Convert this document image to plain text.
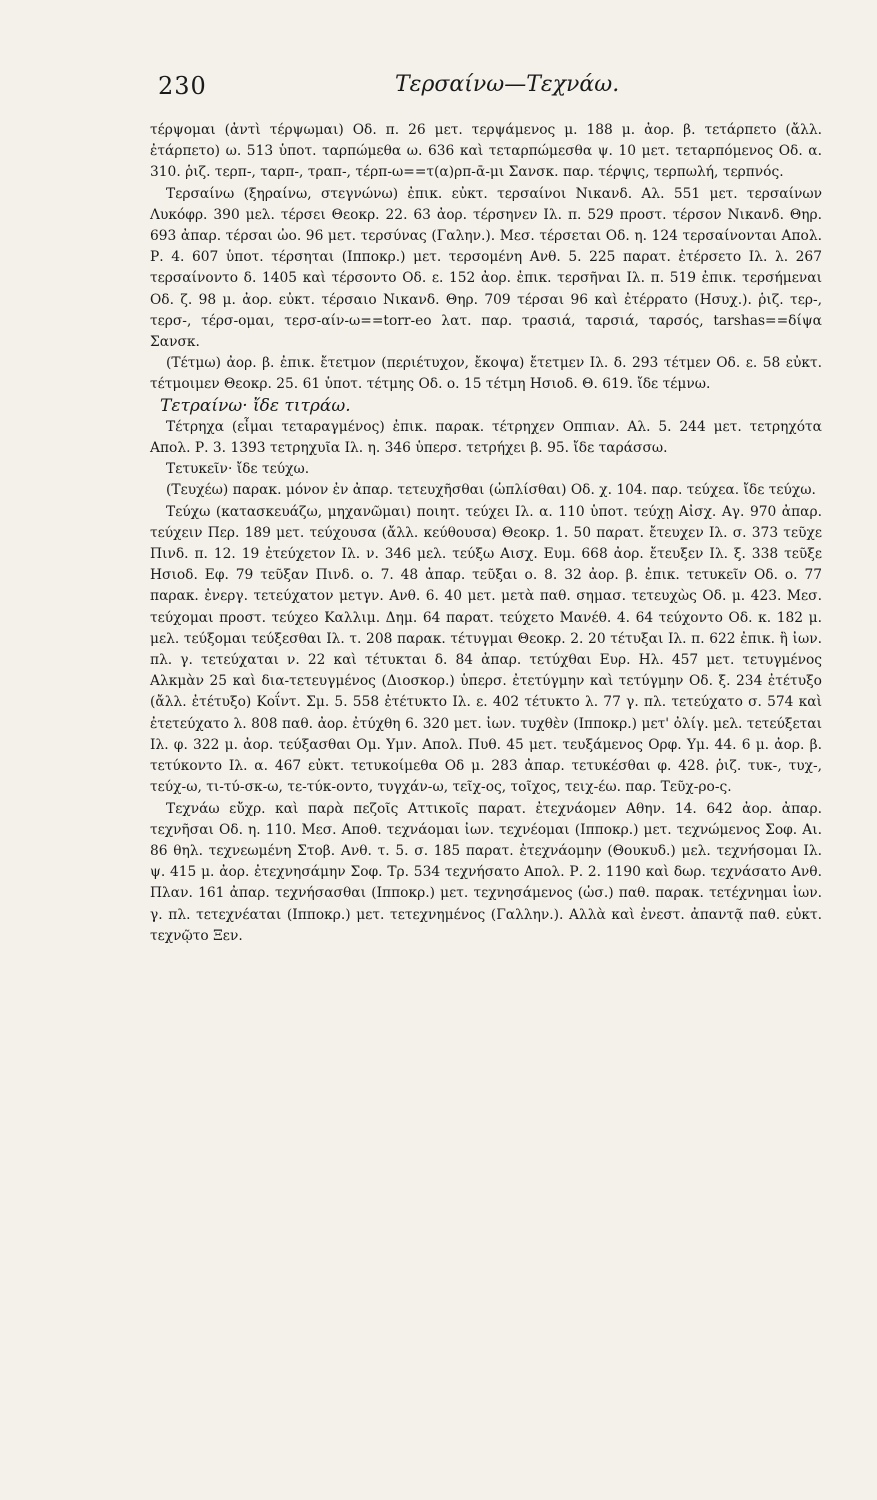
230	Τερσαίνω—Τεχνάω.

τέρψομαι (ἀντὶ τέρψωμαι) Οδ. π. 26 μετ. τερψάμενος μ. 188 μ. ἀορ. β. τετάρπετο (ἄλλ. ἐτάρπετο) ω. 513 ὑποτ. ταρπώμεθα ω. 636 καὶ τεταρπώμεσθα ψ. 10 μετ. τεταρπόμενος Οδ. α. 310. ῥιζ. τερπ-, ταρπ-, τραπ-, τέρπ-ω==τ(α)ρπ-ᾱ-μι Σανσκ. παρ. τέρψις, τερπωλή, τερπνός.

Τερσαίνω (ξηραίνω, στεγνώνω) ἐπικ. εὐκτ. τερσαίνοι Νικανδ. Αλ. 551 μετ. τερσαίνων Λυκόφρ. 390 μελ. τέρσει Θεοκρ. 22. 63 ἀορ. τέρσηνεν Ιλ. π. 529 προστ. τέρσον Νικανδ. Θηρ. 693 ἀπαρ. τέρσαι ὠο. 96 μετ. τερσύνας (Γαλην.). Μεσ. τέρσεται Οδ. η. 124 τερσαίνονται Απολ. Ρ. 4. 607 ὑποτ. τέρσηται (Ιπποκρ.) μετ. τερσομένη Ανθ. 5. 225 παρατ. ἐτέρσετο Ιλ. λ. 267 τερσαίνοντο δ. 1405 καὶ τέρσοντο Οδ. ε. 152 ἀορ. ἐπικ. τερσῆναι Ιλ. π. 519 ἐπικ. τερσήμεναι Οδ. ζ. 98 μ. ἀορ. εὐκτ. τέρσαιο Νικανδ. Θηρ. 709 τέρσαι 96 καὶ ἐτέρρατο (Ησυχ.). ῥιζ. τερ-, τερσ-, τέρσ-ομαι, τερσ-αίν-ω==torr-eo λατ. παρ. τρασιά, ταρσιά, ταρσός, tarshas==δίψα Σανσκ.

(Τέτμω) ἀορ. β. ἐπικ. ἔτετμον (περιέτυχον, ἔκοψα) ἔτετμεν Ιλ. δ. 293 τέτμεν Οδ. ε. 58 εὐκτ. τέτμοιμεν Θεοκρ. 25. 61 ὑποτ. τέτμης Οδ. ο. 15 τέτμη Ησιοδ. Θ. 619. ἴδε τέμνω.

Τετραίνω· ἴδε τιτράω.

Τέτρηχα (εἶμαι τεταραγμένος) ἐπικ. παρακ. τέτρηχεν Οππιαν. Αλ. 5. 244 μετ. τετρηχότα Απολ. Ρ. 3. 1393 τετρηχυῖα Ιλ. η. 346 ὑπερσ. τετρήχει β. 95. ἴδε ταράσσω.

Τετυκεῖν· ἴδε τεύχω.

(Τευχέω) παρακ. μόνον ἐν ἀπαρ. τετευχῆσθαι (ὡπλίσθαι) Οδ. χ. 104. παρ. τεύχεα. ἴδε τεύχω.

Τεύχω (κατασκευάζω, μηχανῶμαι) ποιητ. τεύχει Ιλ. α. 110 ὑποτ. τεύχῃ Αἰσχ. Αγ. 970 ἀπαρ. τεύχειν Περ. 189 μετ. τεύχουσα (ἄλλ. κεύθουσα) Θεοκρ. 1. 50 παρατ. ἔτευχεν Ιλ. σ. 373 τεῦχε Πινδ. π. 12. 19 ἐτεύχετον Ιλ. ν. 346 μελ. τεύξω Αισχ. Ευμ. 668 ἀορ. ἔτευξεν Ιλ. ξ. 338 τεῦξε Ησιοδ. Εφ. 79 τεῦξαν Πινδ. ο. 7. 48 ἀπαρ. τεῦξαι ο. 8. 32 ἀορ. β. ἐπικ. τετυκεῖν Οδ. ο. 77 παρακ. ἐνεργ. τετεύχατον μετγν. Ανθ. 6. 40 μετ. μετὰ παθ. σημασ. τετευχὼς Οδ. μ. 423. Μεσ. τεύχομαι προστ. τεύχεο Καλλιμ. Δημ. 64 παρατ. τεύχετο Μανέθ. 4. 64 τεύχοντο Οδ. κ. 182 μ. μελ. τεύξομαι τεύξεσθαι Ιλ. τ. 208 παρακ. τέτυγμαι Θεοκρ. 2. 20 τέτυξαι Ιλ. π. 622 ἐπικ. ἢ ἰων. πλ. γ. τετεύχαται ν. 22 καὶ τέτυκται δ. 84 ἀπαρ. τετύχθαι Ευρ. Ηλ. 457 μετ. τετυγμένος Αλκμὰν 25 καὶ δια-τετευγμένος (Διοσκορ.) ὑπερσ. ἐτετύγμην καὶ τετύγμην Οδ. ξ. 234 ἐτέτυξο (ἄλλ. ἐτέτυξο) Κοΐντ. Σμ. 5. 558 ἐτέτυκτο Ιλ. ε. 402 τέτυκτο λ. 77 γ. πλ. τετεύχατο σ. 574 καὶ ἐτετεύχατο λ. 808 παθ. ἀορ. ἐτύχθη 6. 320 μετ. ἰων. τυχθὲν (Ιπποκρ.) μετ' ὀλίγ. μελ. τετεύξεται Ιλ. φ. 322 μ. ἀορ. τεύξασθαι Ομ. Υμν. Απολ. Πυθ. 45 μετ. τευξάμενος Ορφ. Υμ. 44. 6 μ. ἀορ. β. τετύκοντο Ιλ. α. 467 εὐκτ. τετυκοίμεθα Οδ μ. 283 ἀπαρ. τετυκέσθαι φ. 428. ῥιζ. τυκ-, τυχ-, τεύχ-ω, τι-τύ-σκ-ω, τε-τύκ-οντο, τυγχάν-ω, τεῖχ-ος, τοῖχος, τειχ-έω. παρ. Τεῦχ-ρο-ς.

Τεχνάω εὔχρ. καὶ παρὰ πεζοῖς Αττικοῖς παρατ. ἐτεχνάομεν Αθην. 14. 642 ἀορ. ἀπαρ. τεχνῆσαι Οδ. η. 110. Μεσ. Αποθ. τεχνάομαι ἰων. τεχνέομαι (Ιπποκρ.) μετ. τεχνώμενος Σοφ. Αι. 86 θηλ. τεχνεωμένη Στοβ. Ανθ. τ. 5. σ. 185 παρατ. ἐτεχνάομην (Θουκυδ.) μελ. τεχνήσομαι Ιλ. ψ. 415 μ. ἀορ. ἐτεχνησάμην Σοφ. Τρ. 534 τεχνήσατο Απολ. Ρ. 2. 1190 καὶ δωρ. τεχνάσατο Ανθ. Πλαν. 161 ἀπαρ. τεχνήσασθαι (Ιπποκρ.) μετ. τεχνησάμενος (ὡσ.) παθ. παρακ. τετέχνημαι ἰων. γ. πλ. τετεχνέαται (Ιπποκρ.) μετ. τετεχνημένος (Γαλλην.). Αλλὰ καὶ ἐνεστ. ἀπαντᾷ παθ. εὐκτ. τεχνῷτο Ξεν.
